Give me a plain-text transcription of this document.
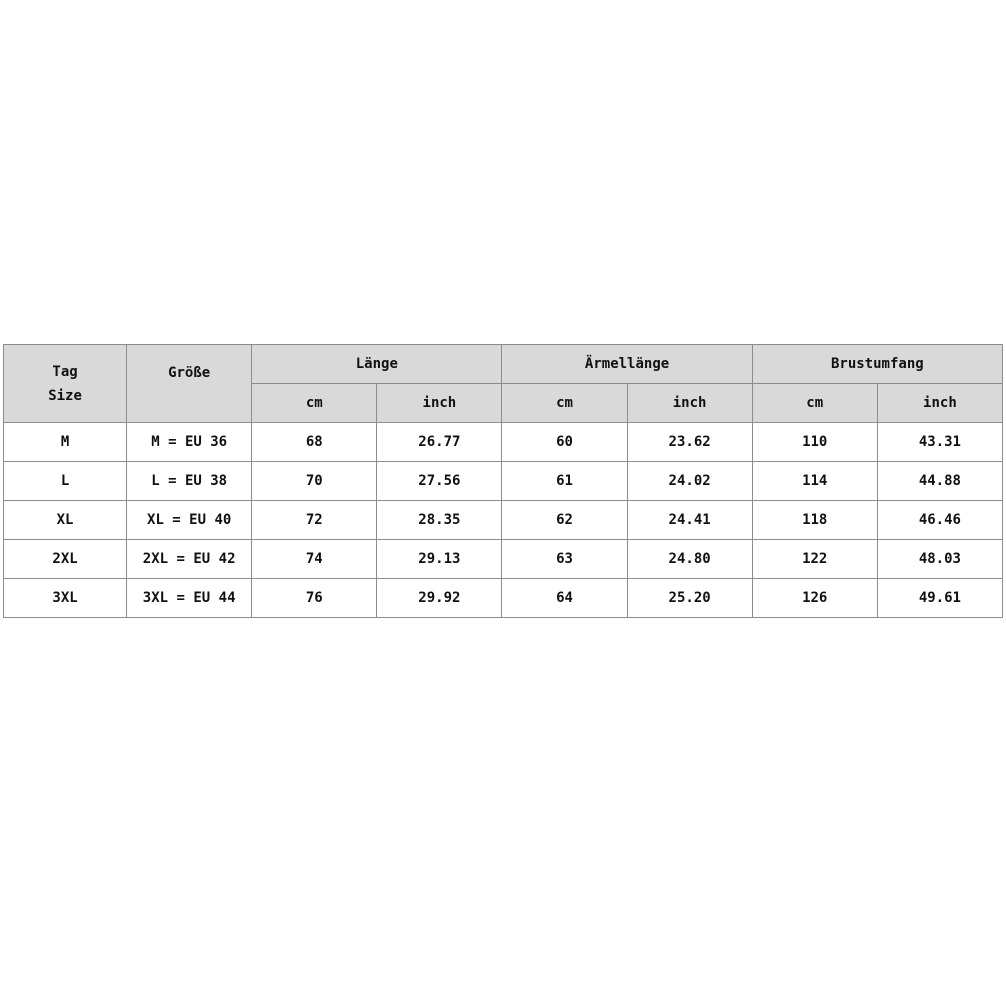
Tag
Size	Größe	Länge		Ärmellänge		Brustumfang	
		cm	inch	cm	inch	cm	inch
M	M = EU 36	68	26.77	60	23.62	110	43.31
L	L = EU 38	70	27.56	61	24.02	114	44.88
XL	XL = EU 40	72	28.35	62	24.41	118	46.46
2XL	2XL = EU 42	74	29.13	63	24.80	122	48.03
3XL	3XL = EU 44	76	29.92	64	25.20	126	49.61
